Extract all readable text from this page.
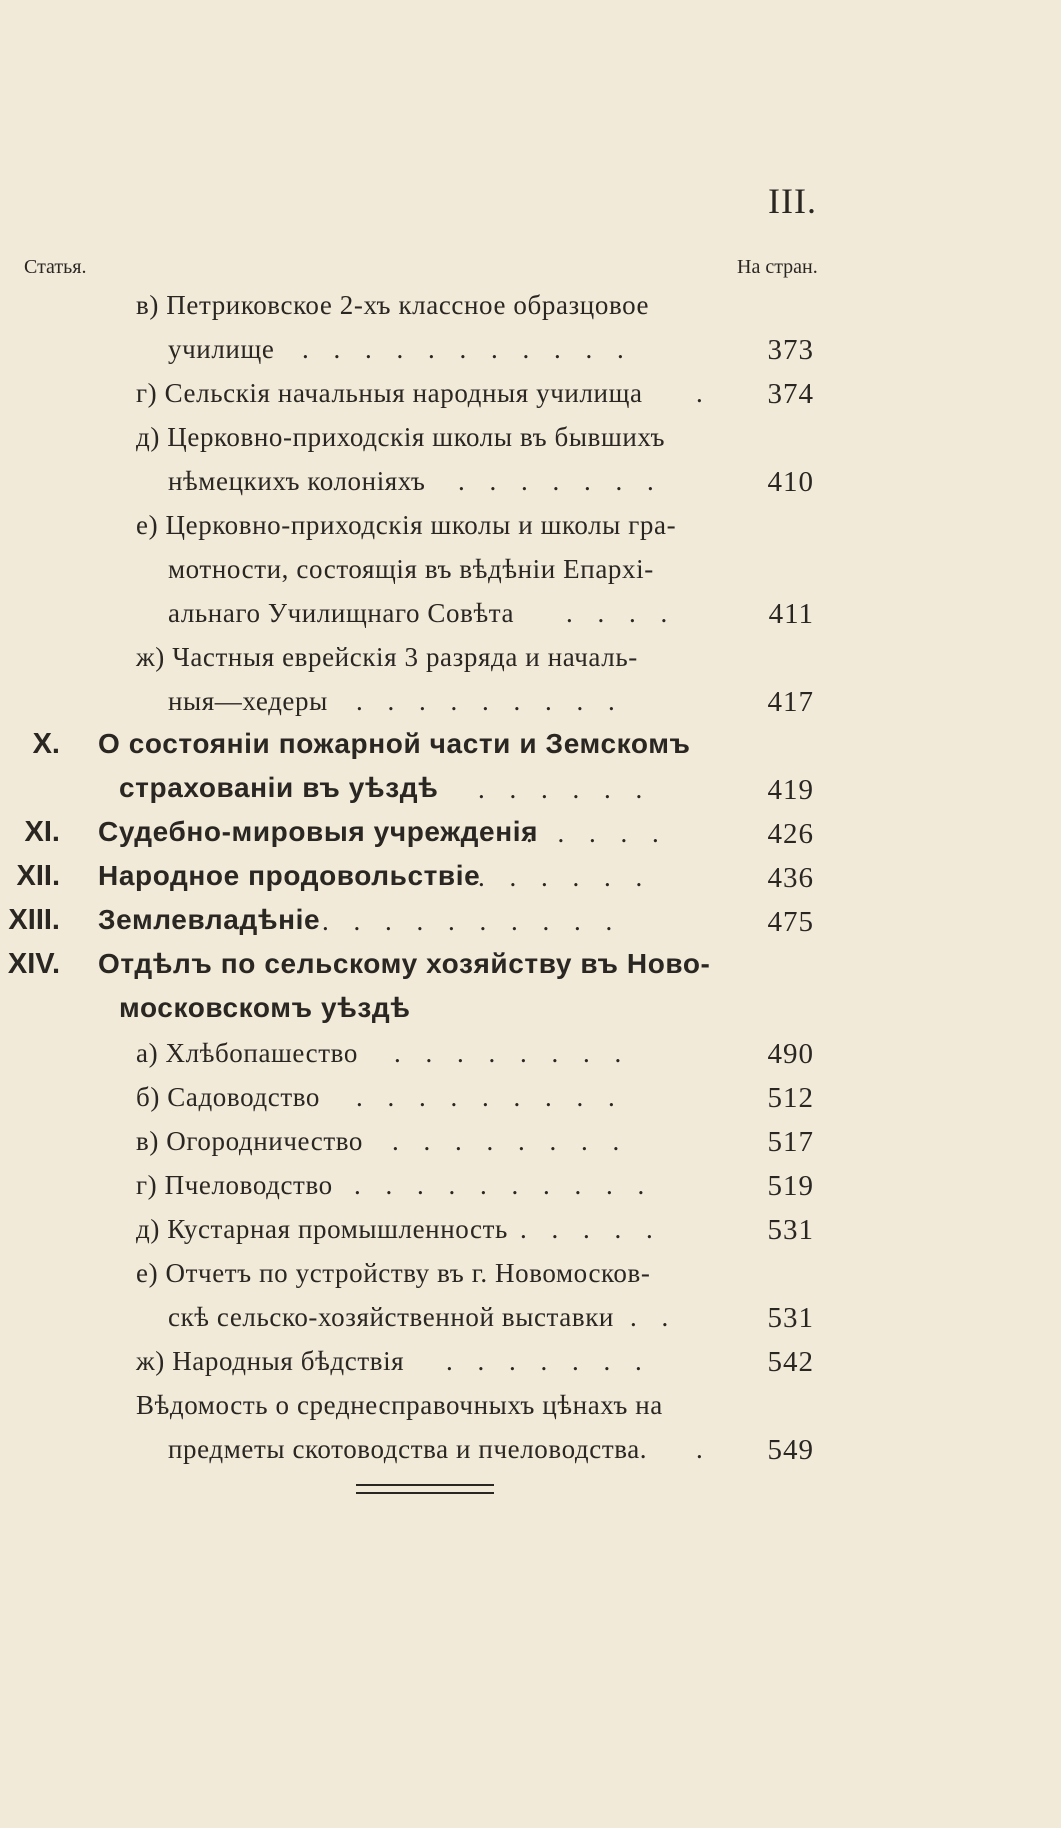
III.
Статья.	На стран.
в) Петриковское 2-хъ классное образцовое
училище . . . . . . . . . . .	373
г) Сельскія начальныя народныя училища . 374
д) Церковно-приходскія школы въ бывшихъ
нѣмецкихъ колоніяхъ . . . . . . .	410
е) Церковно-приходскія школы и школы гра-
мотности, состоящія въ вѣдѣніи Епархі-
альнаго Училищнаго Совѣта . . . .	411
ж) Частныя еврейскія 3 разряда и началь-
ныя—хедеры . . . . . . . . .	417
X. О состояніи пожарной части и Земскомъ
страхованіи въ уѣздѣ . . . . . .	419
XI. Судебно-мировыя учрежденія
. . . . .	426
XII. Народное продовольствіе
. . . . . .	436
XIII. Землевладѣніе . . . . . . . . . .	475
XIV. Отдѣлъ по сельскому хозяйству въ Ново-
московскомъ уѣздѣ
а) Хлѣбопашество . . . . . . . .	490
б) Садоводство . . . . . . . . .	512
в) Огородничество . . . . . . . .	517
г) Пчеловодство . . . . . . . . . .	519
д) Кустарная промышленность . . . . .	531
е) Отчетъ по устройству въ г. Новомосков-
скѣ сельско-хозяйственной выставки . .	531
ж) Народныя бѣдствія . . . . . . .	542
Вѣдомость о среднесправочныхъ цѣнахъ на
предметы скотоводства и пчеловодства. . 549
